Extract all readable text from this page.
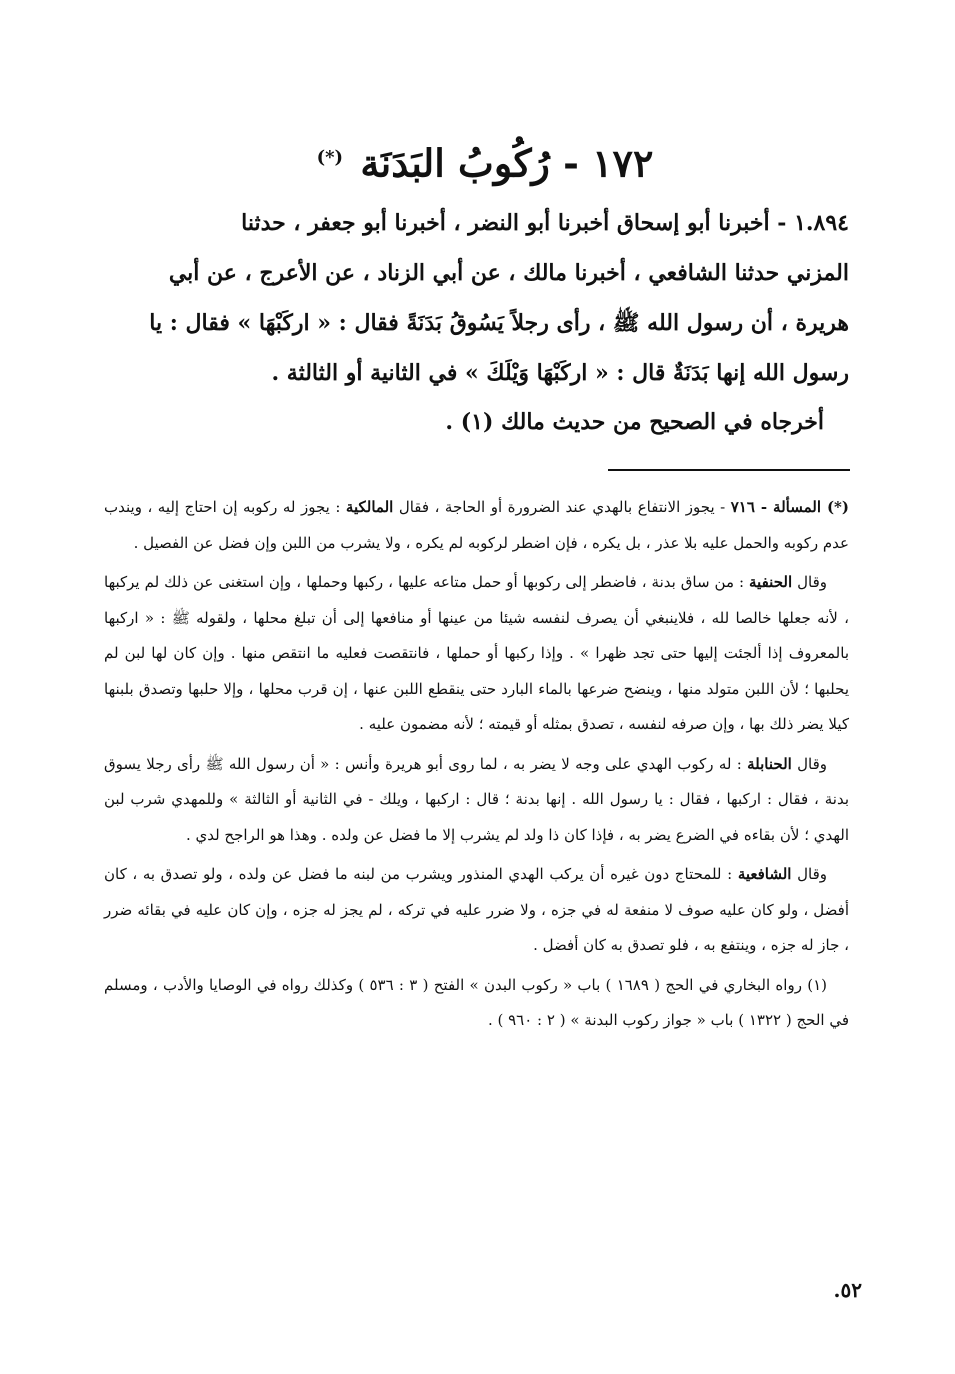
١٧٢ - رُكُوبُ البَدَنَة (*)

١.٨٩٤ - أخبرنا أبو إسحاق أخبرنا أبو النضر ، أخبرنا أبو جعفر ، حدثنا

المزني حدثنا الشافعي ، أخبرنا مالك ، عن أبي الزناد ، عن الأعرج ، عن أبي

هريرة ، أن رسول الله ﷺ ، رأى رجلاً يَسُوقُ بَدَنَةً فقال : « اركَبْهَا » فقال : يا

رسول الله إنها بَدَنَةٌ قال : « اركَبْهَا وَيْلَكَ » في الثانية أو الثالثة .

أخرجاه في الصحيح من حديث مالك (١) .

(*) المسألة - ٧١٦ - يجوز الانتفاع بالهدي عند الضرورة أو الحاجة ، فقال المالكية : يجوز له ركوبه إن احتاج إليه ، ويندب عدم ركوبه والحمل عليه بلا عذر ، بل يكره ، فإن اضطر لركوبه لم يكره ، ولا يشرب من اللبن وإن فضل عن الفصيل .

وقال الحنفية : من ساق بدنة ، فاضطر إلى ركوبها أو حمل متاعه عليها ، ركبها وحملها ، وإن استغنى عن ذلك لم يركبها ، لأنه جعلها خالصا لله ، فلاينبغي أن يصرف لنفسه شيئا من عينها أو منافعها إلى أن تبلغ محلها ، ولقوله ﷺ : « اركبها بالمعروف إذا ألجئت إليها حتى تجد ظهرا » . وإذا ركبها أو حملها ، فانتقصت فعليه ما انتقص منها . وإن كان لها لبن لم يحلبها ؛ لأن اللبن متولد منها ، وينضح ضرعها بالماء البارد حتى ينقطع اللبن عنها ، إن قرب محلها ، وإلا حلبها وتصدق بلبنها كيلا يضر ذلك بها ، وإن صرفه لنفسه ، تصدق بمثله أو قيمته ؛ لأنه مضمون عليه .

وقال الحنابلة : له ركوب الهدي على وجه لا يضر به ، لما روى أبو هريرة وأنس : « أن رسول الله ﷺ رأى رجلا يسوق بدنة ، فقال : اركبها ، فقال : يا رسول الله . إنها بدنة ؛ قال : اركبها ، ويلك - في الثانية أو الثالثة » وللمهدي شرب لبن الهدي ؛ لأن بقاءه في الضرع يضر به ، فإذا كان ذا ولد لم يشرب إلا ما فضل عن ولده . وهذا هو الراجح لدي .

وقال الشافعية : للمحتاج دون غيره أن يركب الهدي المنذور ويشرب من لبنه ما فضل عن ولده ، ولو تصدق به ، كان أفضل ، ولو كان عليه صوف لا منفعة له في جزه ، ولا ضرر عليه في تركه ، لم يجز له جزه ، وإن كان عليه في بقائه ضرر ، جاز له جزه ، وينتفع به ، فلو تصدق به كان أفضل .

(١) رواه البخاري في الحج ( ١٦٨٩ ) باب « ركوب البدن » الفتح ( ٣ : ٥٣٦ ) وكذلك رواه في الوصايا والأدب ، ومسلم في الحج ( ١٣٢٢ ) باب « جواز ركوب البدنة » ( ٢ : ٩٦٠ ) .

٥٢.
